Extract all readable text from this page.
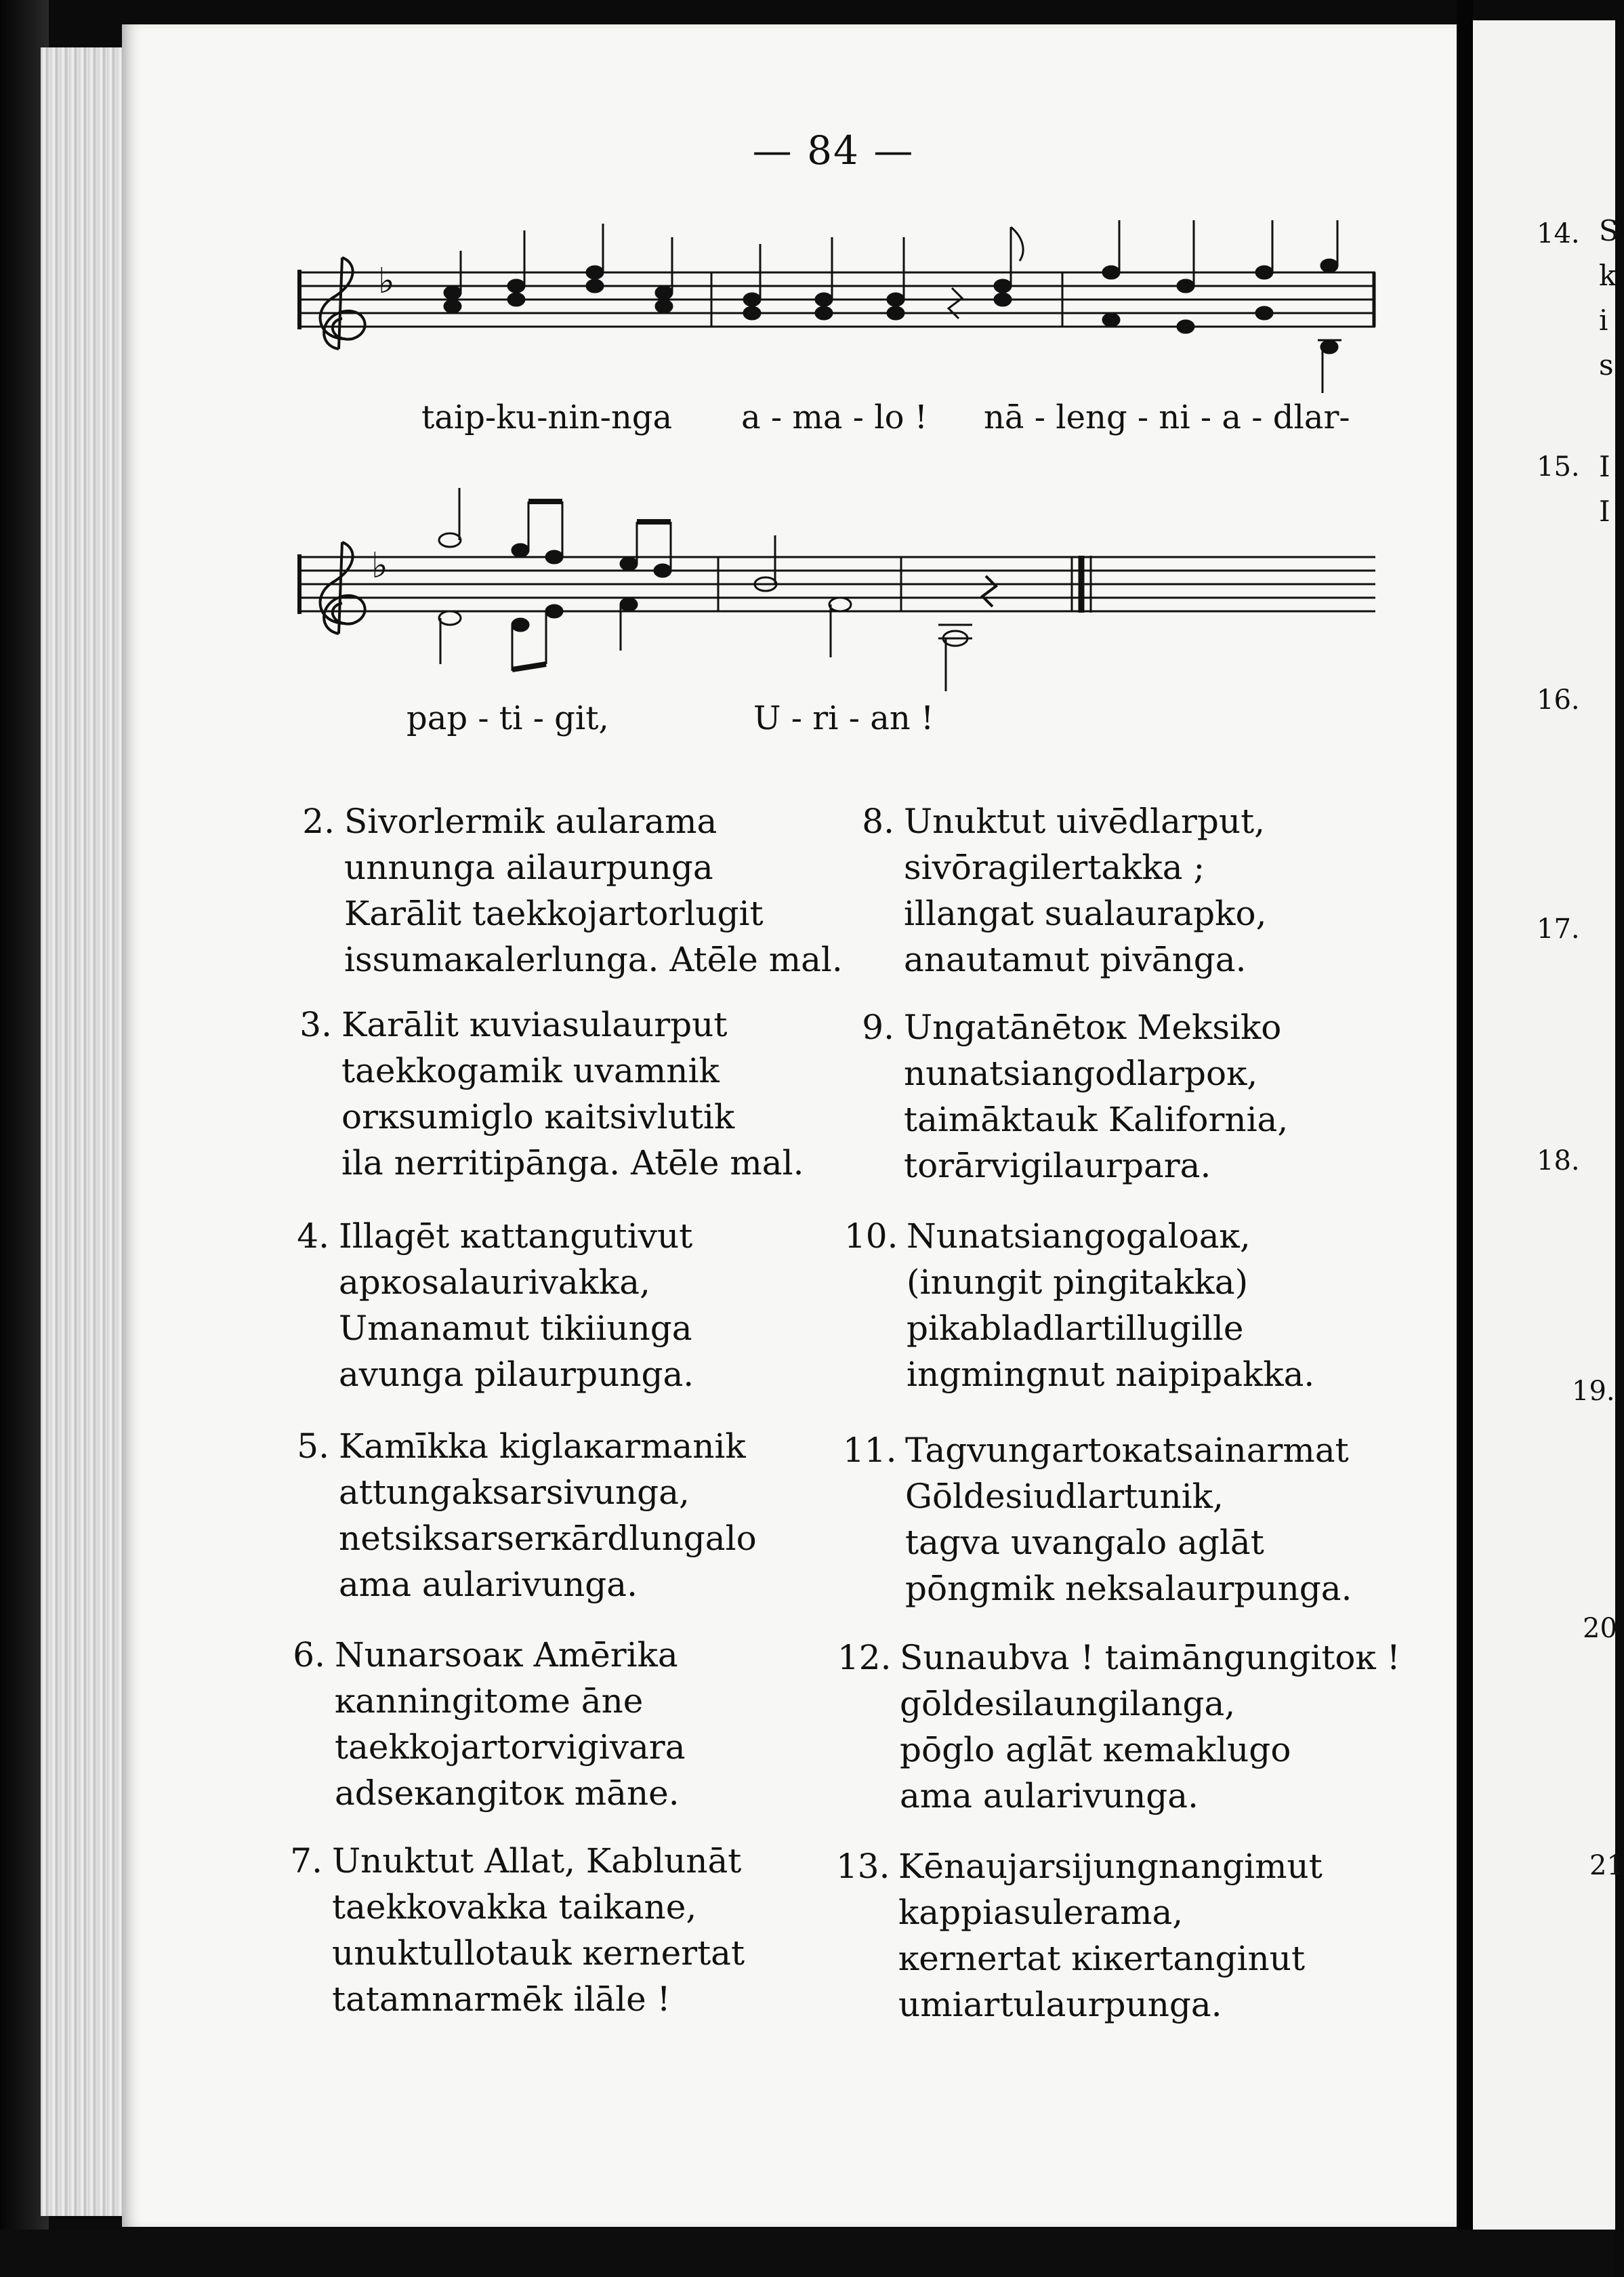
— 84 —
♭
♭
taip-ku-nin-nga a - ma - lo ! nā - leng - ni - a - dlar-
pap - ti - git,	U - ri - an !
2. Sivorlermik aularama
unnunga ailaurpunga
Karālit taekkojartorlugit
issumaĸalerlunga. Atēle mal.
3. Karālit ĸuviasulaurput
taekkogamik uvamnik
orĸsumiglo ĸaitsivlutik
ila nerritipānga. Atēle mal.
4. Illagēt ĸattangutivut
apĸosalaurivakka,
Umanamut tikiiunga
avunga pilaurpunga.
5. Kamīkka kiglaĸarmanik
attungaksarsivunga,
netsiksarserĸārdlungalo
ama aularivunga.
6. Nunarsoaĸ Amērika
ĸanningitome āne
taekkojartorvigivara
adseĸangitoĸ māne.
7. Unuktut Allat, Kablunāt
taekkovakka taikane,
unuktullotauk ĸernertat
tatamnarmēk ilāle !
8. Unuktut uivēdlarput,
sivōragilertakka ;
illangat sualaurapko,
anautamut pivānga.
9. Ungatānētoĸ Meksiko
nunatsiangodlarpoĸ,
taimāktauk Kalifornia,
torārvigilaurpara.
10. Nunatsiangogaloaĸ,
(inungit pingitakka)
pikabladlartillugille
ingmingnut naipipakka.
11. Tagvungartoĸatsainarmat
Gōldesiudlartunik,
tagva uvangalo aglāt
pōngmik neksalaurpunga.
12. Sunaubva ! taimāngungitoĸ !
gōldesilaungilanga,
pōglo aglāt ĸemaklugo
ama aularivunga.
13. Kēnaujarsijungnangimut
kappiasulerama,
ĸernertat ĸiĸertanginut
umiartulaurpunga.
14.
15.
16.
17.
18.
19.
20
21
S
k
i
s
I
I
